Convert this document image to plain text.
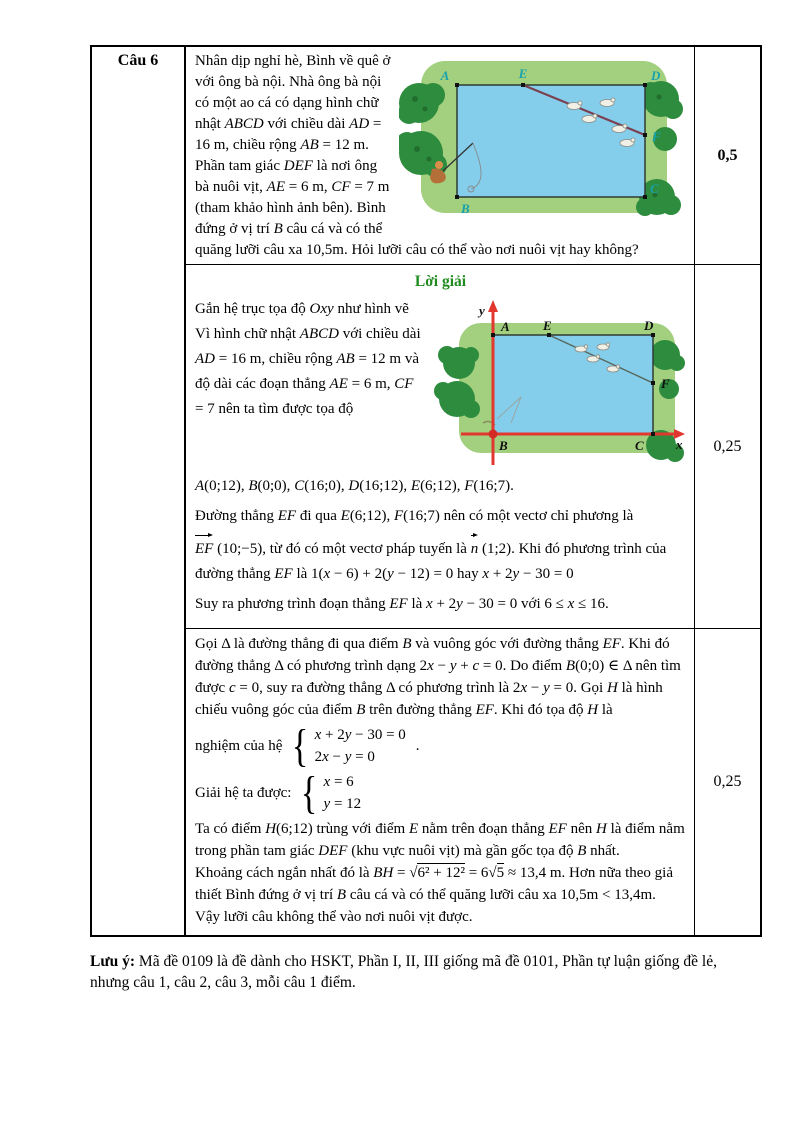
Câu 6
A	E	D
F
C
B

Nhân dịp nghỉ hè, Bình về quê ở với ông bà nội. Nhà ông bà nội có một ao cá có dạng hình chữ nhật ABCD với chiều dài AD = 16 m, chiều rộng AB = 12 m. Phần tam giác DEF là nơi ông bà nuôi vịt, AE = 6 m, CF = 7 m (tham khảo hình ảnh bên). Bình đứng ở vị trí B câu cá và có thể quăng lưỡi câu xa 10,5m. Hỏi lưỡi câu có thể vào nơi nuôi vịt hay không?

0,5

Lời giải

y
A	E	D
F
B	C x

Gắn hệ trục tọa độ Oxy như hình vẽ
Vì hình chữ nhật ABCD với chiều dài AD = 16 m, chiều rộng AB = 12 m và độ dài các đoạn thẳng AE = 6 m, CF = 7 nên ta tìm được tọa độ

A(0;12), B(0;0), C(16;0), D(16;12), E(6;12), F(16;7).

Đường thẳng EF đi qua E(6;12), F(16;7) nên có một vectơ chỉ phương là

EF (10;−5), từ đó có một vectơ pháp tuyến là n (1;2). Khi đó phương trình của đường thẳng EF là 1(x − 6) + 2(y − 12) = 0 hay x + 2y − 30 = 0

Suy ra phương trình đoạn thẳng EF là x + 2y − 30 = 0 với 6 ≤ x ≤ 16.

0,25

Gọi Δ là đường thẳng đi qua điểm B và vuông góc với đường thẳng EF. Khi đó đường thẳng Δ có phương trình dạng 2x − y + c = 0. Do điểm B(0;0) ∈ Δ nên tìm được c = 0, suy ra đường thẳng Δ có phương trình là 2x − y = 0. Gọi H là hình chiếu vuông góc của điểm B trên đường thẳng EF. Khi đó tọa độ H là

nghiệm của hệ { x + 2y − 30 = 0
2x − y = 0
.
Giải hệ ta được: { x = 6
y = 12

Ta có điểm H(6;12) trùng với điểm E nằm trên đoạn thẳng EF nên H là điểm nằm trong phần tam giác DEF (khu vực nuôi vịt) mà gần gốc tọa độ B nhất.

Khoảng cách ngắn nhất đó là BH = √6² + 12² = 6√5 ≈ 13,4 m. Hơn nữa theo giả thiết Bình đứng ở vị trí B câu cá và có thể quăng lưỡi câu xa 10,5m < 13,4m.

Vậy lưỡi câu không thể vào nơi nuôi vịt được.

0,25

Lưu ý: Mã đề 0109 là đề dành cho HSKT, Phần I, II, III giống mã đề 0101, Phần tự luận giống đề lẻ, nhưng câu 1, câu 2, câu 3, mỗi câu 1 điểm.
